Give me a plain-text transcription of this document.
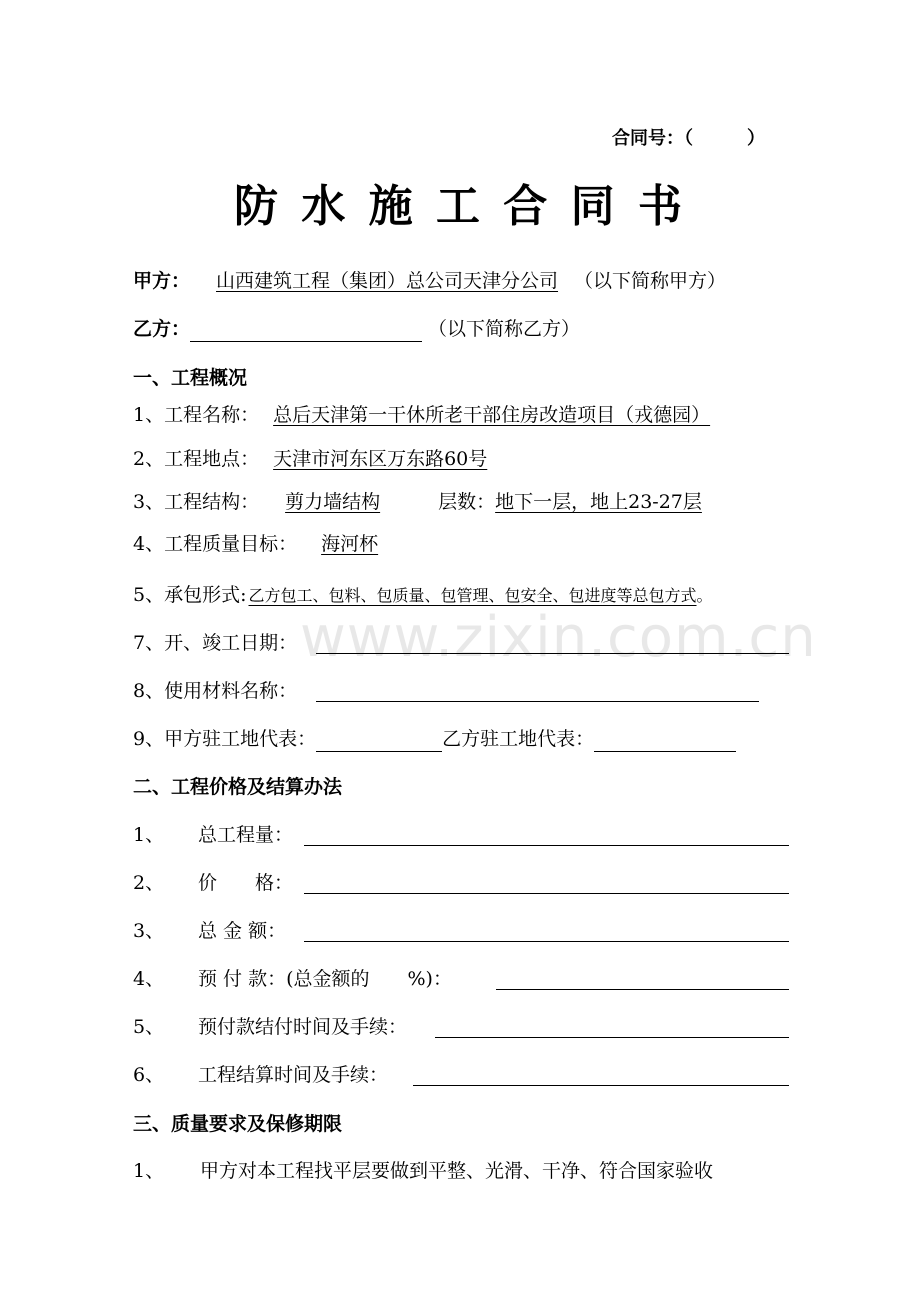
www.zixin.com.cn
合同号：（　　　）
防 水 施 工 合 同 书
甲方： 山西建筑工程（集团）总公司天津分公司 （以下简称甲方）
乙方：	（以下简称乙方）
一、工程概况
1、工程名称： 总后天津第一干休所老干部住房改造项目（戎德园）
2、工程地点： 天津市河东区万东路60号
3、工程结构： 剪力墙结构	层数：地下一层，地上23-27层
4、工程质量目标： 海河杯
5、承包形式: 乙方包工、包料、包质量、包管理、包安全、包进度等总包方式。
7、开、竣工日期：
8、使用材料名称：
9、甲方驻工地代表：	乙方驻工地代表：
二、工程价格及结算办法
1、 总工程量：
2、 价　　格：
3、 总 金 额：
4、 预 付 款：(总金额的　　%)：
5、 预付款结付时间及手续：
6、 工程结算时间及手续：
三、质量要求及保修期限
1、 甲方对本工程找平层要做到平整、光滑、干净、符合国家验收
